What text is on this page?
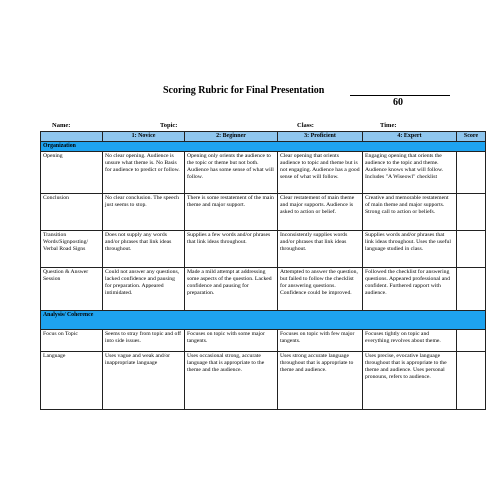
Scoring Rubric for Final Presentation
60
Name:	Topic:	Class:	Time:
	1: Novice	2: Beginner	3: Proficient	4: Expert	Score
Organization					
Opening	No clear opening. Audience is unsure what theme is. No Basis for audience to predict or follow.	Opening only orients the audience to the topic or theme but not both. Audience has some sense of what will follow.	Clear opening that orients audience to topic and theme but is not engaging. Audience has a good sense of what will follow.	Engaging opening that orients the audience to the topic and theme. Audience knows what will follow. Includes "A Wiseowl" checklist	
Conclusion	No clear conclusion. The speech just seems to stop.	There is some restatement of the main theme and major support.	Clear restatement of main theme and major supports. Audience is asked to action or belief.	Creative and memorable restatement of main theme and major supports. Strong call to action or beliefs.	
Transition Words/Signposting/ Verbal Road Signs	Does not supply any words and/or phrases that link ideas throughout.	Supplies a few words and/or phrases that link ideas throughout.	Inconsistently supplies words and/or phrases that link ideas throughout.	Supplies words and/or phrases that link ideas throughout. Uses the useful language studied in class.	
Question & Answer Session	Could not answer any questions, lacked confidence and pausing for preparation. Appeared intimidated.	Made a mild attempt at addressing some aspects of the question. Lacked confidence and pausing for preparation.	Attempted to answer the question, but failed to follow the checklist for answering questions. Confidence could be improved.	Followed the checklist for answering questions. Appeared professional and confident. Furthered rapport with audience.	
Analysis/ Coherence					
Focus on Topic	Seems to stray from topic and off into side issues.	Focuses on topic with some major tangents.	Focuses on topic with few major tangents.	Focuses tightly on topic and everything revolves about theme.	
Language	Uses vague and weak and/or inappropriate language	Uses occasional strong, accurate language that is appropriate to the theme and the audience.	Uses strong accurate language throughout that is appropriate to theme and audience.	Uses precise, evocative language throughout that is appropriate to the theme and audience. Uses personal pronouns, refers to audience.	
